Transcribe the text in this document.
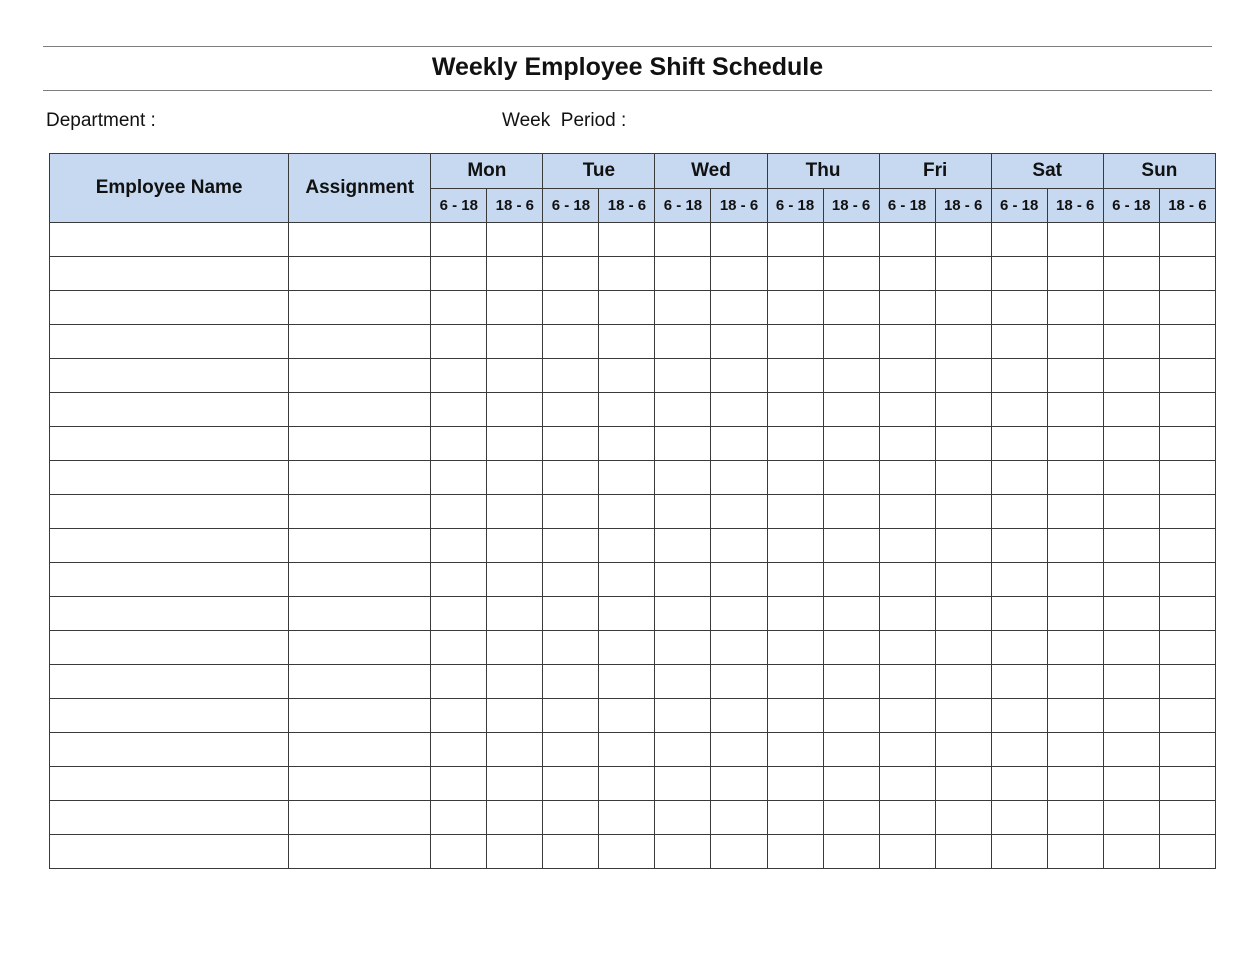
Weekly Employee Shift Schedule
Department :	Week  Period :
Employee Name	Assignment	Mon		Tue		Wed		Thu		Fri		Sat		Sun	
		6 - 18	18 - 6	6 - 18	18 - 6	6 - 18	18 - 6	6 - 18	18 - 6	6 - 18	18 - 6	6 - 18	18 - 6	6 - 18	18 - 6
